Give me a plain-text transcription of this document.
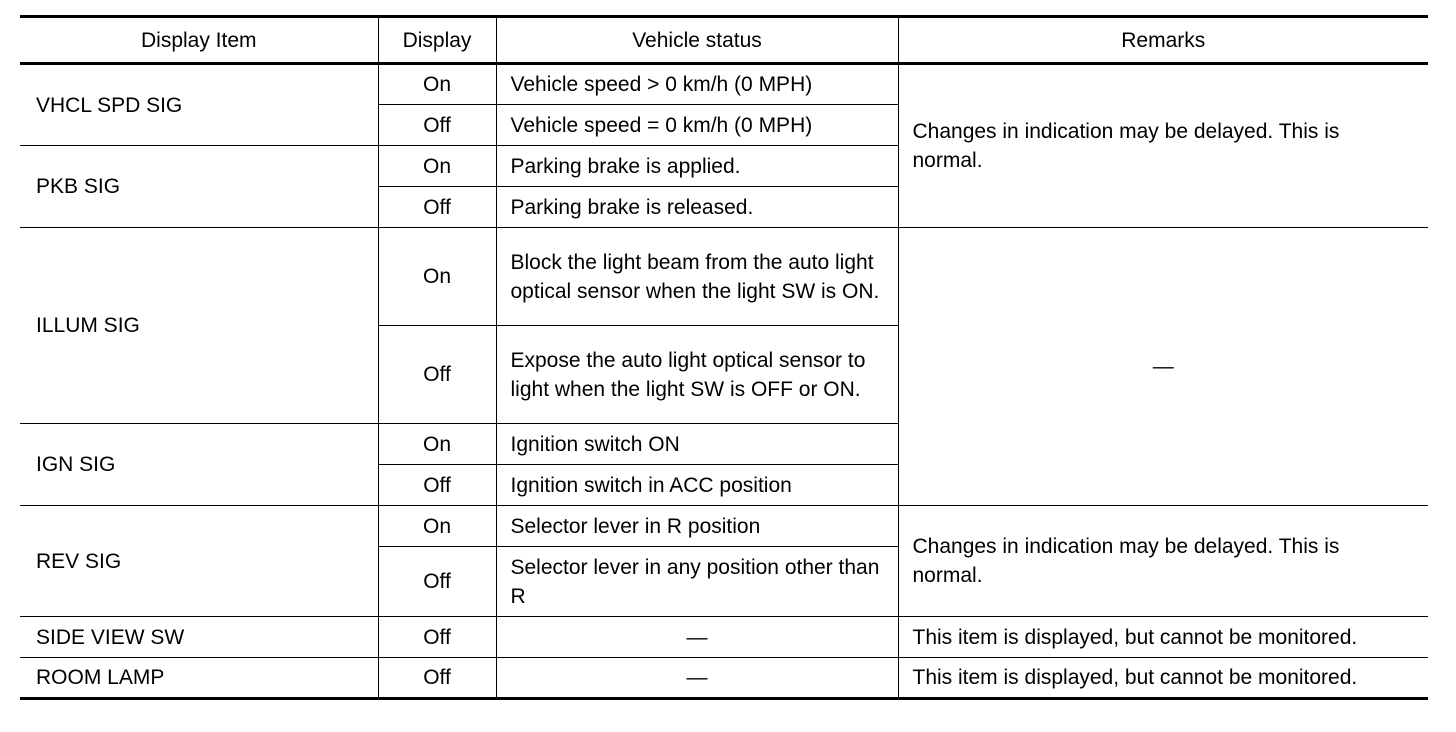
Display Item	Display	Vehicle status	Remarks
VHCL SPD SIG	On	Vehicle speed > 0 km/h (0 MPH)	Changes in indication may be delayed. This is normal.
	Off	Vehicle speed = 0 km/h (0 MPH)	
PKB SIG	On	Parking brake is applied.	
	Off	Parking brake is released.	
ILLUM SIG	On	Block the light beam from the auto light optical sensor when the light SW is ON.	—
	Off	Expose the auto light optical sensor to light when the light SW is OFF or ON.	
IGN SIG	On	Ignition switch ON	
	Off	Ignition switch in ACC position	
REV SIG	On	Selector lever in R position	Changes in indication may be delayed. This is normal.
	Off	Selector lever in any position other than R	
SIDE VIEW SW	Off	—	This item is displayed, but cannot be monitored.
ROOM LAMP	Off	—	This item is displayed, but cannot be monitored.
